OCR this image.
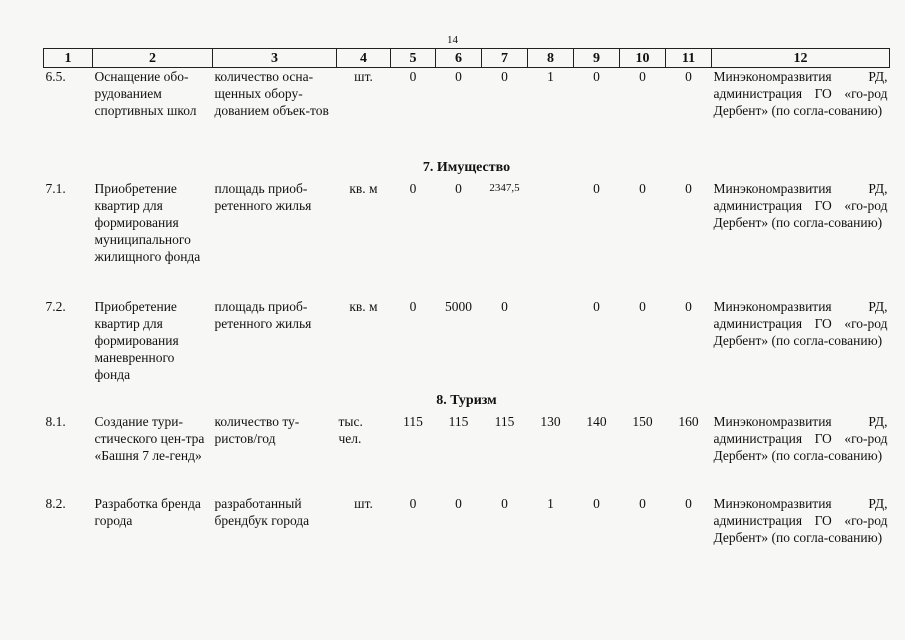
14
1	2	3	4	5	6	7	8	9	10	11	12
6.5.	Оснащение обо-рудованием спортивных школ	количество осна-щенных обору-дованием объек-тов	шт.	0	0	0	1	0	0	0	Минэкономразвития РД, администрация ГО «го-род Дербент» (по согла-сованию)
7. Имущество											
7.1.	Приобретение квартир для формирования муниципального жилищного фонда	площадь приоб-ретенного жилья	кв. м	0	0	2347,5		0	0	0	Минэкономразвития РД, администрация ГО «го-род Дербент» (по согла-сованию)
7.2.	Приобретение квартир для формирования маневренного фонда	площадь приоб-ретенного жилья	кв. м	0	5000	0		0	0	0	Минэкономразвития РД, администрация ГО «го-род Дербент» (по согла-сованию)
8. Туризм											
8.1.	Создание тури-стического цен-тра «Башня 7 ле-генд»	количество ту-ристов/год	тыс. чел.	115	115	115	130	140	150	160	Минэкономразвития РД, администрация ГО «го-род Дербент» (по согла-сованию)
8.2.	Разработка бренда города	разработанный брендбук города	шт.	0	0	0	1	0	0	0	Минэкономразвития РД, администрация ГО «го-род Дербент» (по согла-сованию)
